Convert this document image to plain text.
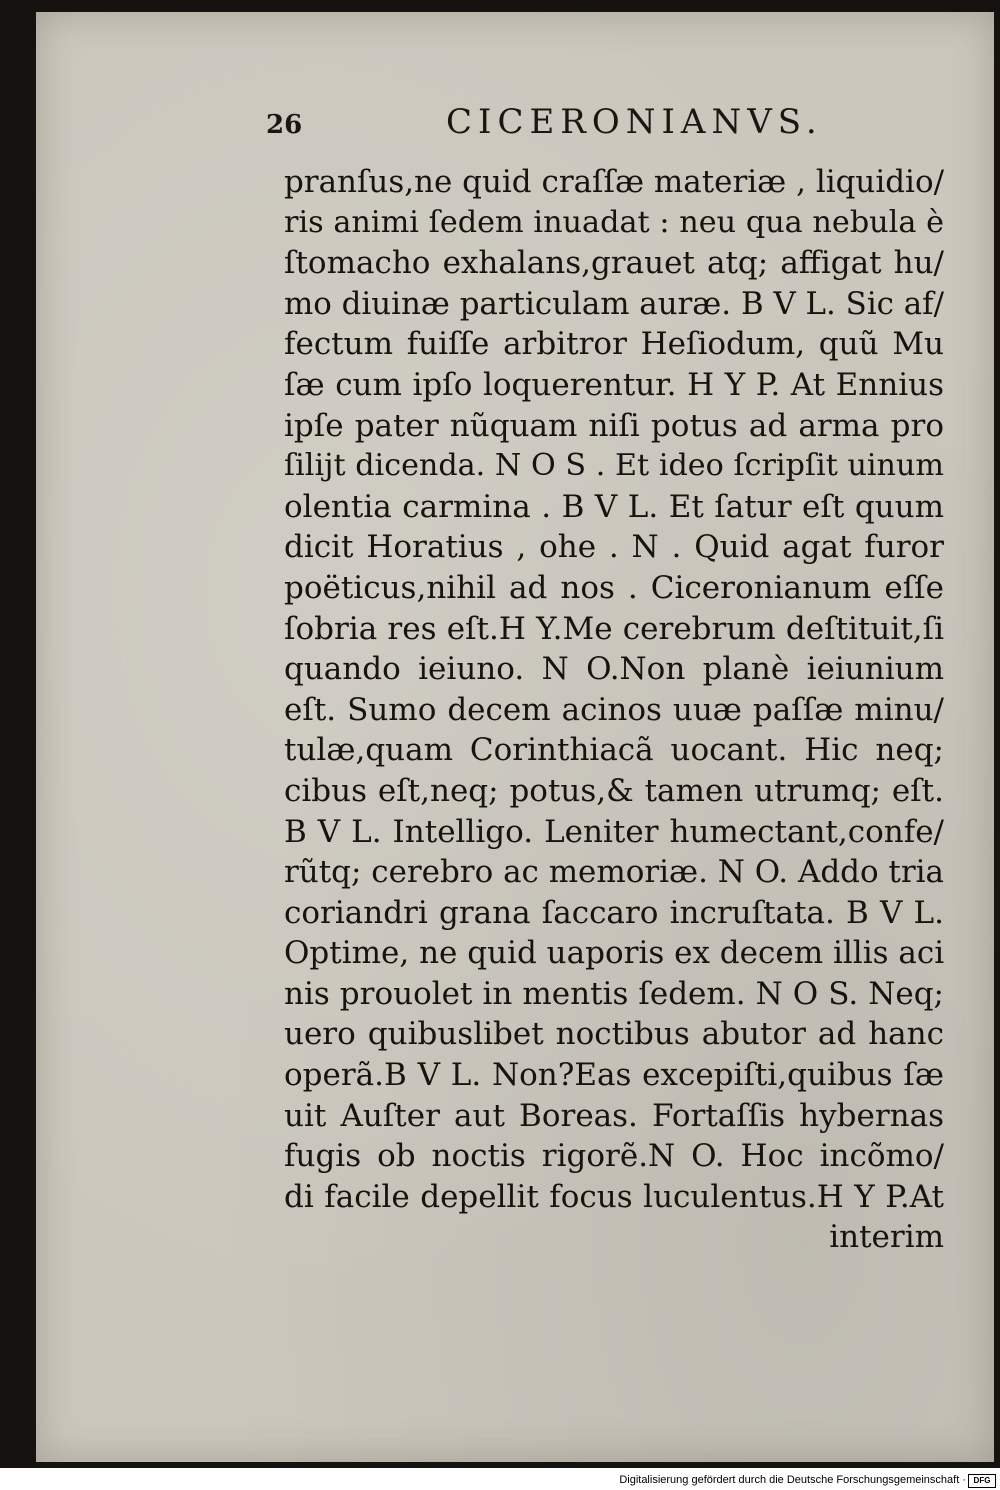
26	CICERONIANVS.
pranſus,ne quid craſſæ materiæ , liquidio/
ris animi ſedem inuadat : neu qua nebula è
ſtomacho exhalans,grauet atq; affigat hu/
mo diuinæ particulam auræ. B V L. Sic af/
fectum fuiſſe arbitror Heſiodum, quũ Mu
ſæ cum ipſo loquerentur. H Y P. At Ennius
ipſe pater nũquam niſi potus ad arma pro
ſilijt dicenda. N O S . Et ideo ſcripſit uinum
olentia carmina . B V L. Et ſatur eſt quum
dicit Horatius , ohe . N . Quid agat furor
poëticus,nihil ad nos . Ciceronianum eſſe
ſobria res eſt.H Y.Me cerebrum deſtituit,ſi
quando ieiuno. N O.Non planè ieiunium
eſt. Sumo decem acinos uuæ paſſæ minu/
tulæ,quam Corinthiacã uocant. Hic neq;
cibus eſt,neq; potus,& tamen utrumq; eſt.
B V L. Intelligo. Leniter humectant,confe/
rũtq; cerebro ac memoriæ. N O. Addo tria
coriandri grana ſaccaro incruſtata. B V L.
Optime, ne quid uaporis ex decem illis aci
nis prouolet in mentis ſedem. N O S. Neq;
uero quibuslibet noctibus abutor ad hanc
operã.B V L. Non?Eas excepiſti,quibus ſæ
uit Auſter aut Boreas. Fortaſſis hybernas
fugis ob noctis rigorẽ.N O. Hoc incõmo/
di facile depellit focus luculentus.H Y P.At
interim
Digitalisierung gefördert durch die Deutsche Forschungsgemeinschaft · DFG
